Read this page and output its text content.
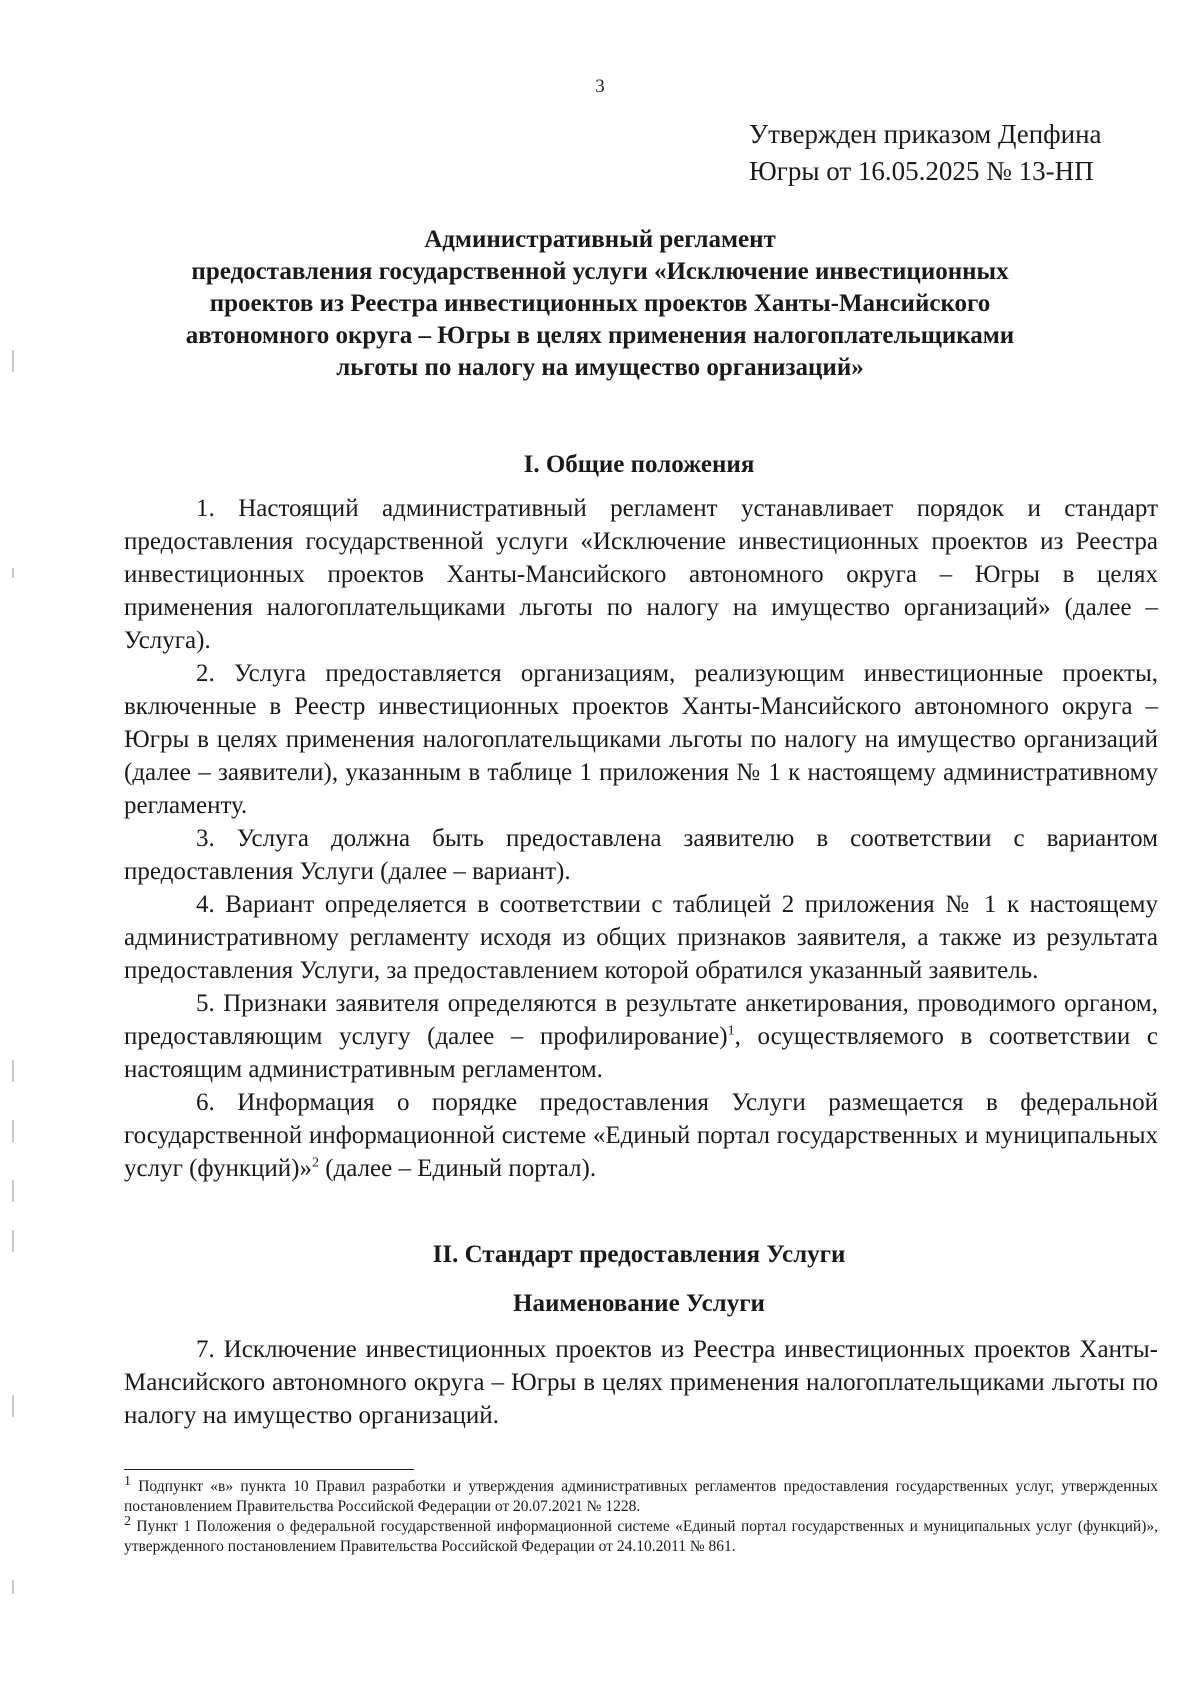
3
Утвержден приказом Депфина
Югры от 16.05.2025 № 13-НП
Административный регламент
предоставления государственной услуги «Исключение инвестиционных
проектов из Реестра инвестиционных проектов Ханты-Мансийского
автономного округа – Югры в целях применения налогоплательщиками
льготы по налогу на имущество организаций»
I. Общие положения

1. Настоящий административный регламент устанавливает порядок и стандарт предоставления государственной услуги «Исключение инвестиционных проектов из Реестра инвестиционных проектов Ханты-Мансийского автономного округа – Югры в целях применения налогоплательщиками льготы по налогу на имущество организаций» (далее – Услуга).

2. Услуга предоставляется организациям, реализующим инвестиционные проекты, включенные в Реестр инвестиционных проектов Ханты-Мансийского автономного округа – Югры в целях применения налогоплательщиками льготы по налогу на имущество организаций (далее – заявители), указанным в таблице 1 приложения № 1 к настоящему административному регламенту.

3. Услуга должна быть предоставлена заявителю в соответствии с вариантом предоставления Услуги (далее – вариант).

4. Вариант определяется в соответствии с таблицей 2 приложения № 1 к настоящему административному регламенту исходя из общих признаков заявителя, а также из результата предоставления Услуги, за предоставлением которой обратился указанный заявитель.

5. Признаки заявителя определяются в результате анкетирования, проводимого органом, предоставляющим услугу (далее – профилирование)$^1$, осуществляемого в соответствии с настоящим административным регламентом.

6. Информация о порядке предоставления Услуги размещается в федеральной государственной информационной системе «Единый портал государственных и муниципальных услуг (функций)»$^2$ (далее – Единый портал).

II. Стандарт предоставления Услуги
Наименование Услуги

7. Исключение инвестиционных проектов из Реестра инвестиционных проектов Ханты-Мансийского автономного округа – Югры в целях применения налогоплательщиками льготы по налогу на имущество организаций.

$^1$ Подпункт «в» пункта 10 Правил разработки и утверждения административных регламентов предоставления государственных услуг, утвержденных постановлением Правительства Российской Федерации от 20.07.2021 № 1228.

$^2$ Пункт 1 Положения о федеральной государственной информационной системе «Единый портал государственных и муниципальных услуг (функций)», утвержденного постановлением Правительства Российской Федерации от 24.10.2011 № 861.
